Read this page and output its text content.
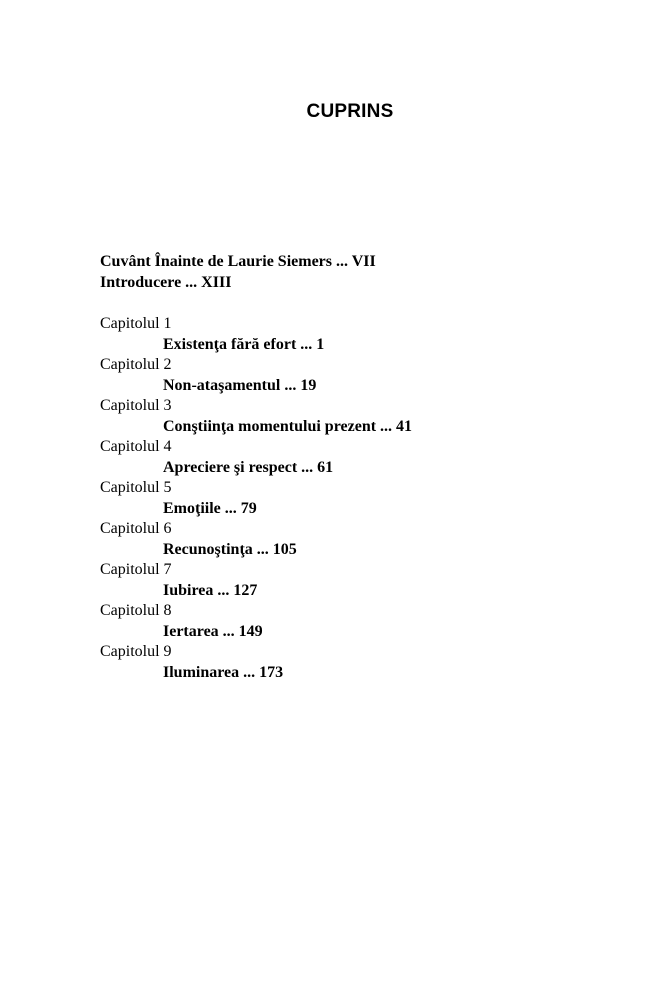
CUPRINS
Cuvânt Înainte de Laurie Siemers ... VII
Introducere ... XIII
Capitolul 1
Existenţa fără efort ... 1
Capitolul 2
Non-ataşamentul ... 19
Capitolul 3
Conştiinţa momentului prezent ... 41
Capitolul 4
Apreciere şi respect ... 61
Capitolul 5
Emoţiile ... 79
Capitolul 6
Recunoştinţa ... 105
Capitolul 7
Iubirea ... 127
Capitolul 8
Iertarea ... 149
Capitolul 9
Iluminarea ... 173
